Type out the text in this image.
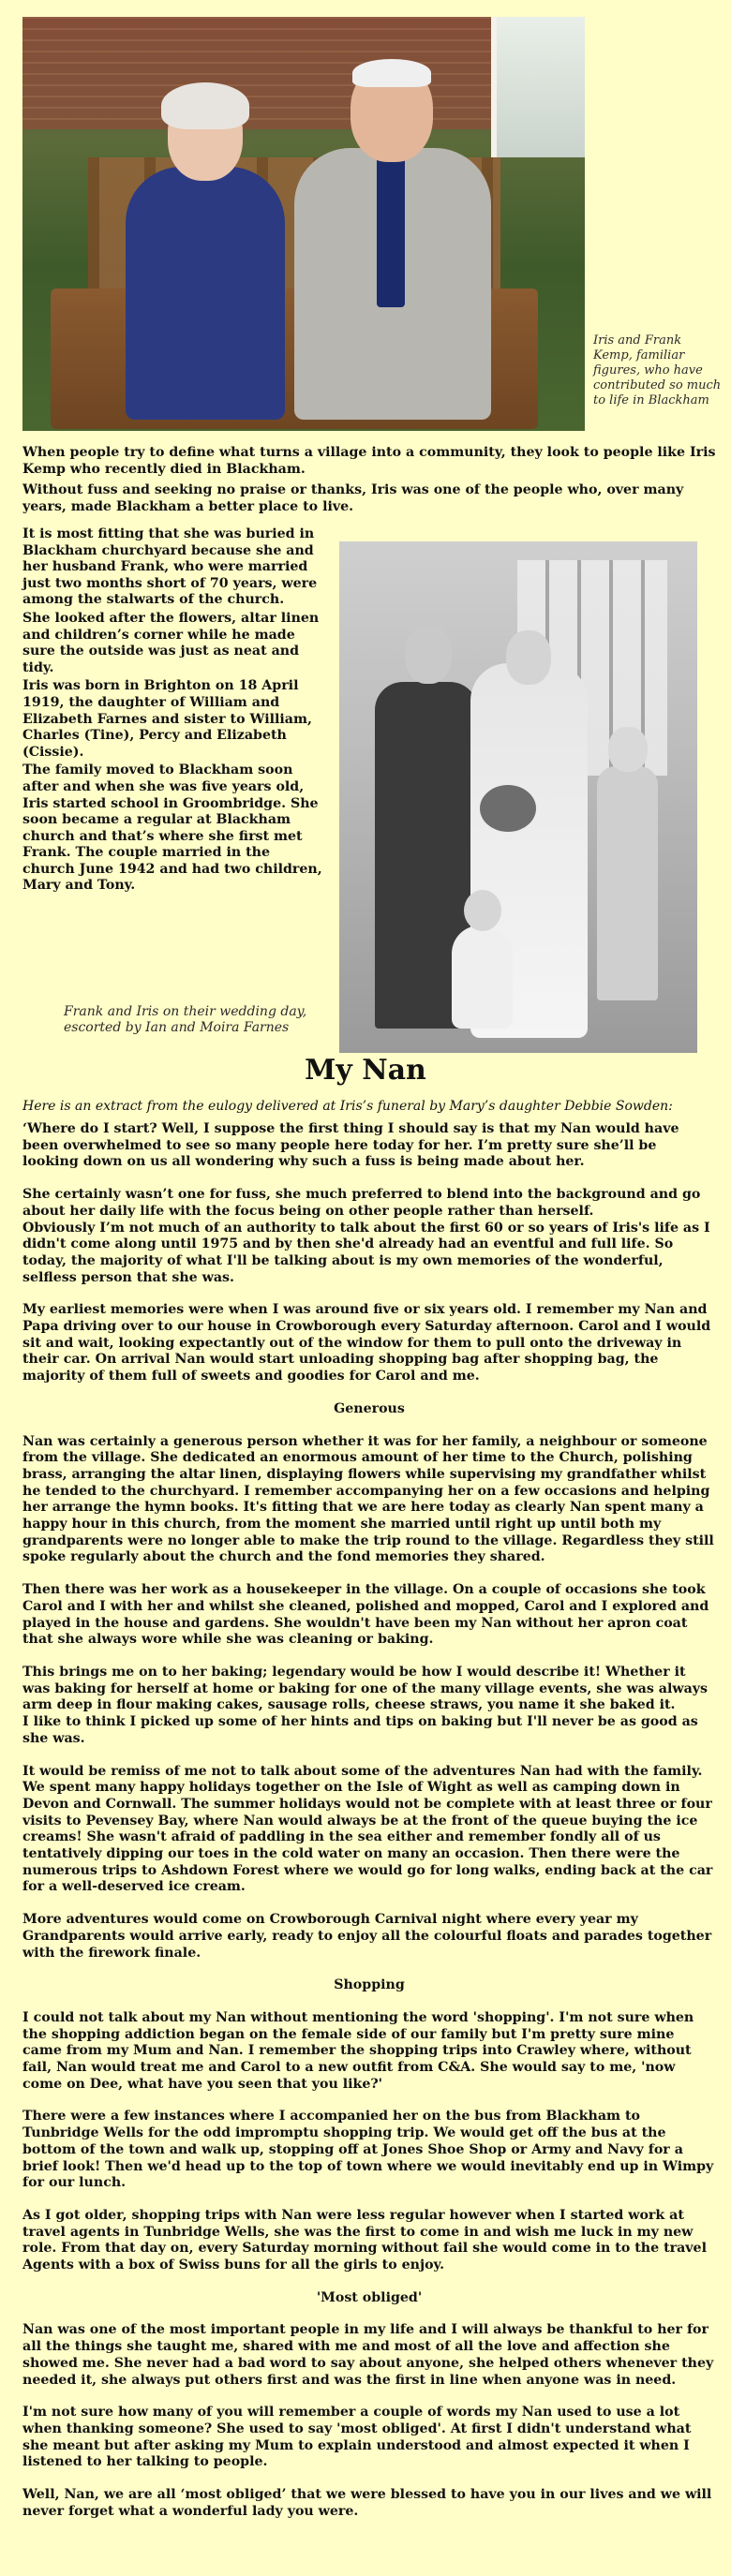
Iris and Frank Kemp, familiar figures, who have contributed so much to life in Blackham

When people try to define what turns a village into a community, they look to people like Iris Kemp who recently died in Blackham.

Without fuss and seeking no praise or thanks, Iris was one of the people who, over many years, made Blackham a better place to live.

It is most fitting that she was buried in Blackham churchyard because she and her husband Frank, who were married just two months short of 70 years, were among the stalwarts of the church.

She looked after the flowers, altar linen and children’s corner while he made sure the outside was just as neat and tidy.

Iris was born in Brighton on 18 April 1919, the daughter of William and Elizabeth Farnes and sister to William, Charles (Tine), Percy and Elizabeth (Cissie).

The family moved to Blackham soon after and when she was five years old, Iris started school in Groombridge. She soon became a regular at Blackham church and that’s where she first met Frank. The couple married in the church June 1942 and had two children, Mary and Tony.

Frank and Iris on their wedding day, escorted by Ian and Moira Farnes
My Nan
Here is an extract from the eulogy delivered at Iris’s funeral by Mary’s daughter Debbie Sowden:

‘Where do I start? Well, I suppose the first thing I should say is that my Nan would have been overwhelmed to see so many people here today for her. I’m pretty sure she’ll be looking down on us all wondering why such a fuss is being made about her.

She certainly wasn’t one for fuss, she much preferred to blend into the background and go about her daily life with the focus being on other people rather than herself.

Obviously I’m not much of an authority to talk about the first 60 or so years of Iris's life as I didn't come along until 1975 and by then she'd already had an eventful and full life. So today, the majority of what I'll be talking about is my own memories of the wonderful, selfless person that she was.

My earliest memories were when I was around five or six years old. I remember my Nan and Papa driving over to our house in Crowborough every Saturday afternoon. Carol and I would sit and wait, looking expectantly out of the window for them to pull onto the driveway in their car. On arrival Nan would start unloading shopping bag after shopping bag, the majority of them full of sweets and goodies for Carol and me.

Generous

Nan was certainly a generous person whether it was for her family, a neighbour or someone from the village. She dedicated an enormous amount of her time to the Church, polishing brass, arranging the altar linen, displaying flowers while supervising my grandfather whilst he tended to the churchyard. I remember accompanying her on a few occasions and helping her arrange the hymn books. It's fitting that we are here today as clearly Nan spent many a happy hour in this church, from the moment she married until right up until both my grandparents were no longer able to make the trip round to the village. Regardless they still spoke regularly about the church and the fond memories they shared.

Then there was her work as a housekeeper in the village. On a couple of occasions she took Carol and I with her and whilst she cleaned, polished and mopped, Carol and I explored and played in the house and gardens. She wouldn't have been my Nan without her apron coat that she always wore while she was cleaning or baking.

This brings me on to her baking; legendary would be how I would describe it! Whether it was baking for herself at home or baking for one of the many village events, she was always arm deep in flour making cakes, sausage rolls, cheese straws, you name it she baked it.

I like to think I picked up some of her hints and tips on baking but I'll never be as good as she was.

It would be remiss of me not to talk about some of the adventures Nan had with the family. We spent many happy holidays together on the Isle of Wight as well as camping down in Devon and Cornwall. The summer holidays would not be complete with at least three or four visits to Pevensey Bay, where Nan would always be at the front of the queue buying the ice creams! She wasn't afraid of paddling in the sea either and remember fondly all of us tentatively dipping our toes in the cold water on many an occasion. Then there were the numerous trips to Ashdown Forest where we would go for long walks, ending back at the car for a well-deserved ice cream.

More adventures would come on Crowborough Carnival night where every year my Grandparents would arrive early, ready to enjoy all the colourful floats and parades together with the firework finale.

Shopping

I could not talk about my Nan without mentioning the word 'shopping'. I'm not sure when the shopping addiction began on the female side of our family but I'm pretty sure mine came from my Mum and Nan. I remember the shopping trips into Crawley where, without fail, Nan would treat me and Carol to a new outfit from C&A. She would say to me, 'now come on Dee, what have you seen that you like?'

There were a few instances where I accompanied her on the bus from Blackham to Tunbridge Wells for the odd impromptu shopping trip. We would get off the bus at the bottom of the town and walk up, stopping off at Jones Shoe Shop or Army and Navy for a brief look! Then we'd head up to the top of town where we would inevitably end up in Wimpy for our lunch.

As I got older, shopping trips with Nan were less regular however when I started work at travel agents in Tunbridge Wells, she was the first to come in and wish me luck in my new role. From that day on, every Saturday morning without fail she would come in to the travel Agents with a box of Swiss buns for all the girls to enjoy.

'Most obliged'

Nan was one of the most important people in my life and I will always be thankful to her for all the things she taught me, shared with me and most of all the love and affection she showed me. She never had a bad word to say about anyone, she helped others whenever they needed it, she always put others first and was the first in line when anyone was in need.

I'm not sure how many of you will remember a couple of words my Nan used to use a lot when thanking someone? She used to say 'most obliged'. At first I didn't understand what she meant but after asking my Mum to explain understood and almost expected it when I listened to her talking to people.

Well, Nan, we are all ‘most obliged’ that we were blessed to have you in our lives and we will never forget what a wonderful lady you were.
